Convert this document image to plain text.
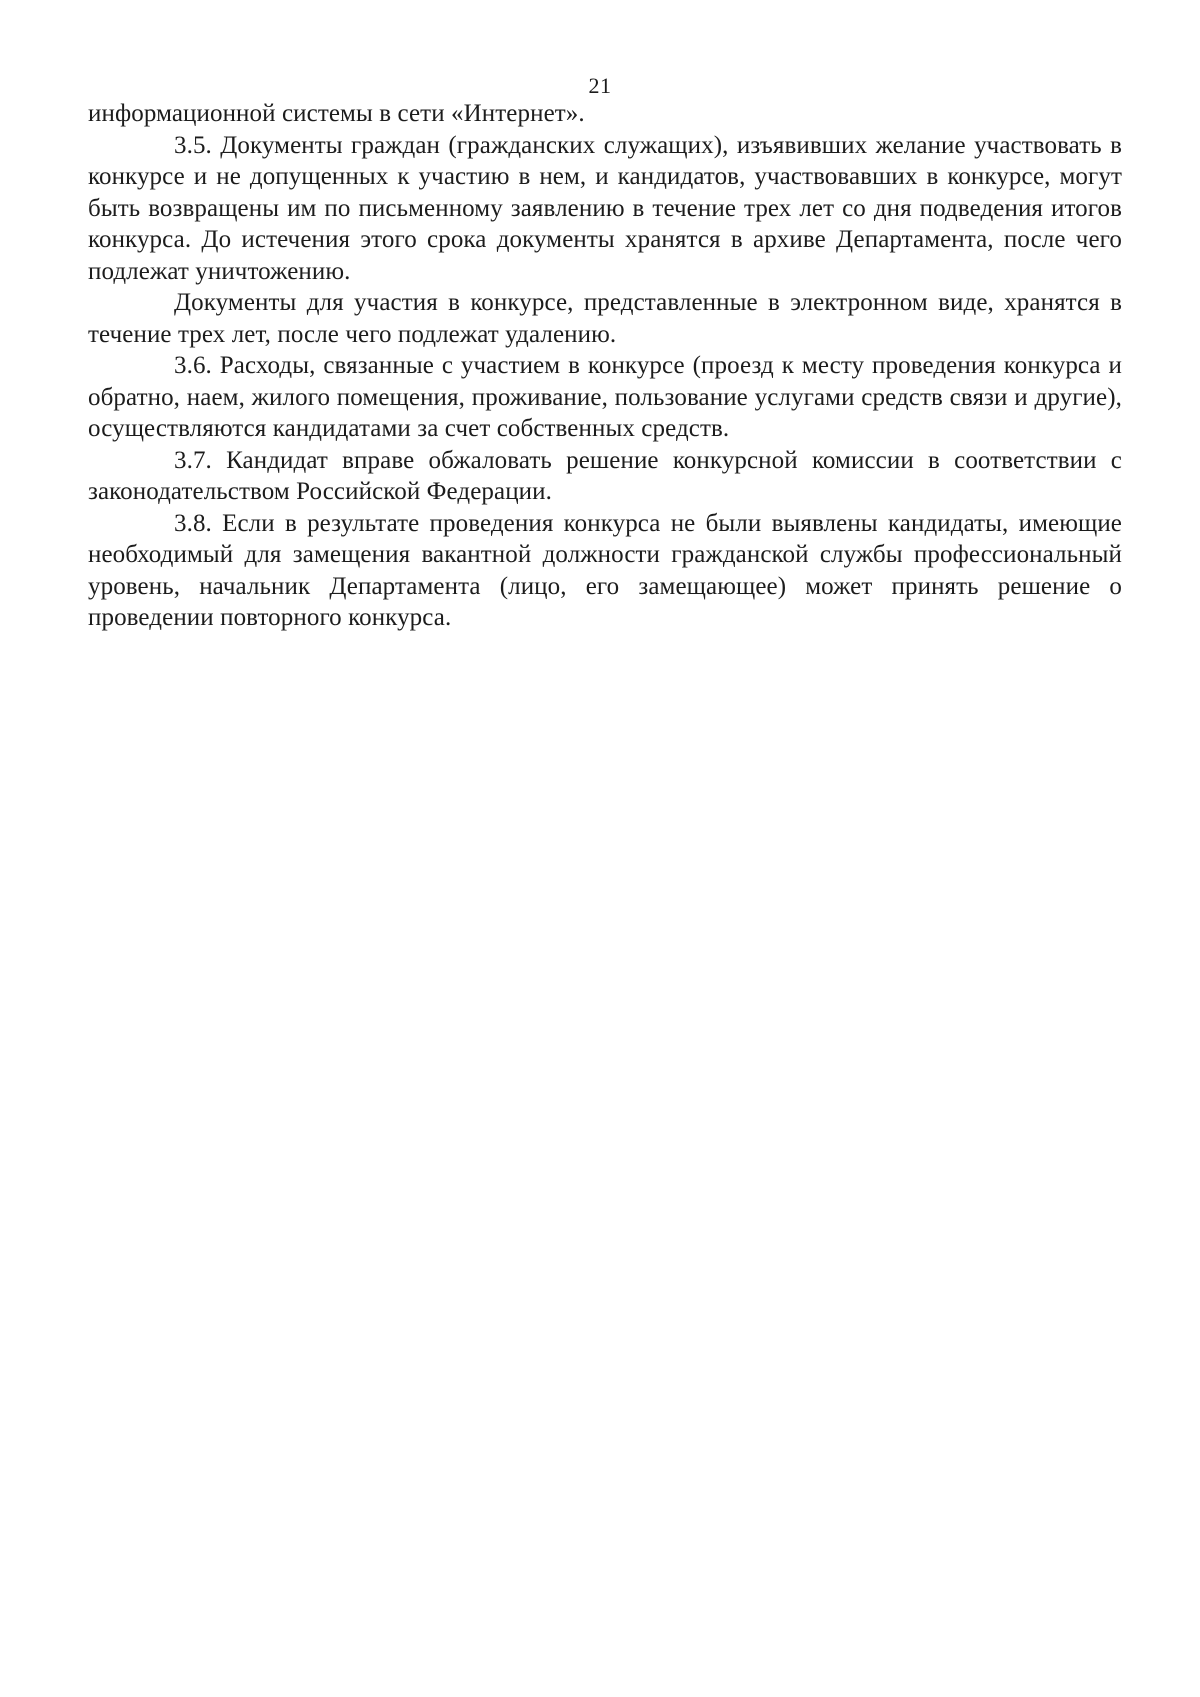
21

информационной системы в сети «Интернет».

3.5. Документы граждан (гражданских служащих), изъявивших желание участвовать в конкурсе и не допущенных к участию в нем, и кандидатов, участвовавших в конкурсе, могут быть возвращены им по письменному заявлению в течение трех лет со дня подведения итогов конкурса. До истечения этого срока документы хранятся в архиве Департамента, после чего подлежат уничтожению.

Документы для участия в конкурсе, представленные в электронном виде, хранятся в течение трех лет, после чего подлежат удалению.

3.6. Расходы, связанные с участием в конкурсе (проезд к месту проведения конкурса и обратно, наем, жилого помещения, проживание, пользование услугами средств связи и другие), осуществляются кандидатами за счет собственных средств.

3.7. Кандидат вправе обжаловать решение конкурсной комиссии в соответствии с законодательством Российской Федерации.

3.8. Если в результате проведения конкурса не были выявлены кандидаты, имеющие необходимый для замещения вакантной должности гражданской службы профессиональный уровень, начальник Департамента (лицо, его замещающее) может принять решение о проведении повторного конкурса.
